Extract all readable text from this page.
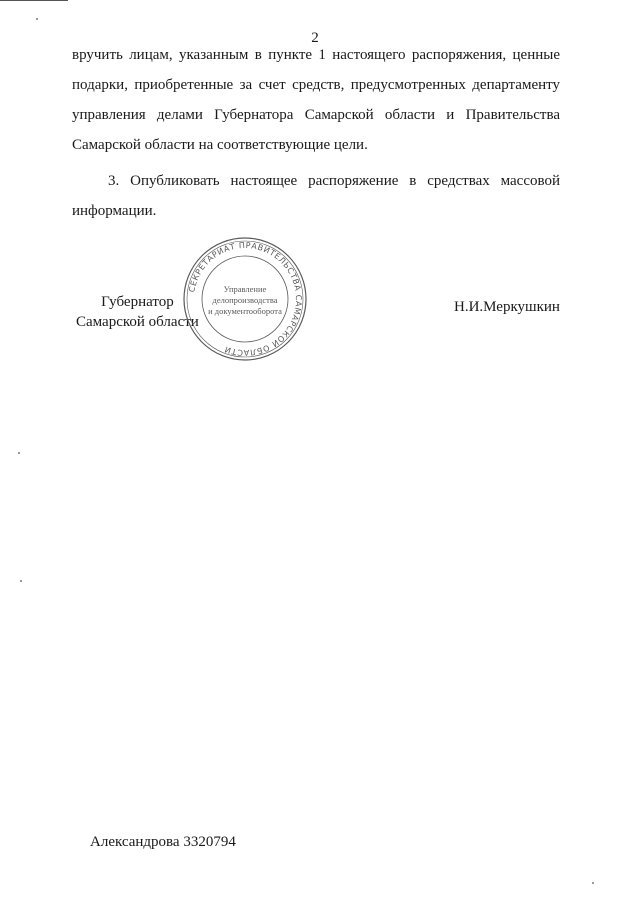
2

вручить лицам, указанным в пункте 1 настоящего распоряжения, ценные подарки, приобретенные за счет средств, предусмотренных департаменту управления делами Губернатора Самарской области и Правительства Самарской области на соответствующие цели.

3. Опубликовать настоящее распоряжение в средствах массовой информации.

Губернатор
Самарской области
СЕКРЕТАРИАТ ПРАВИТЕЛЬСТВА САМАРСКОЙ ОБЛАСТИ
Управление
делопроизводства
и документооборота	Н.И.Меркушкин
Александрова 3320794
